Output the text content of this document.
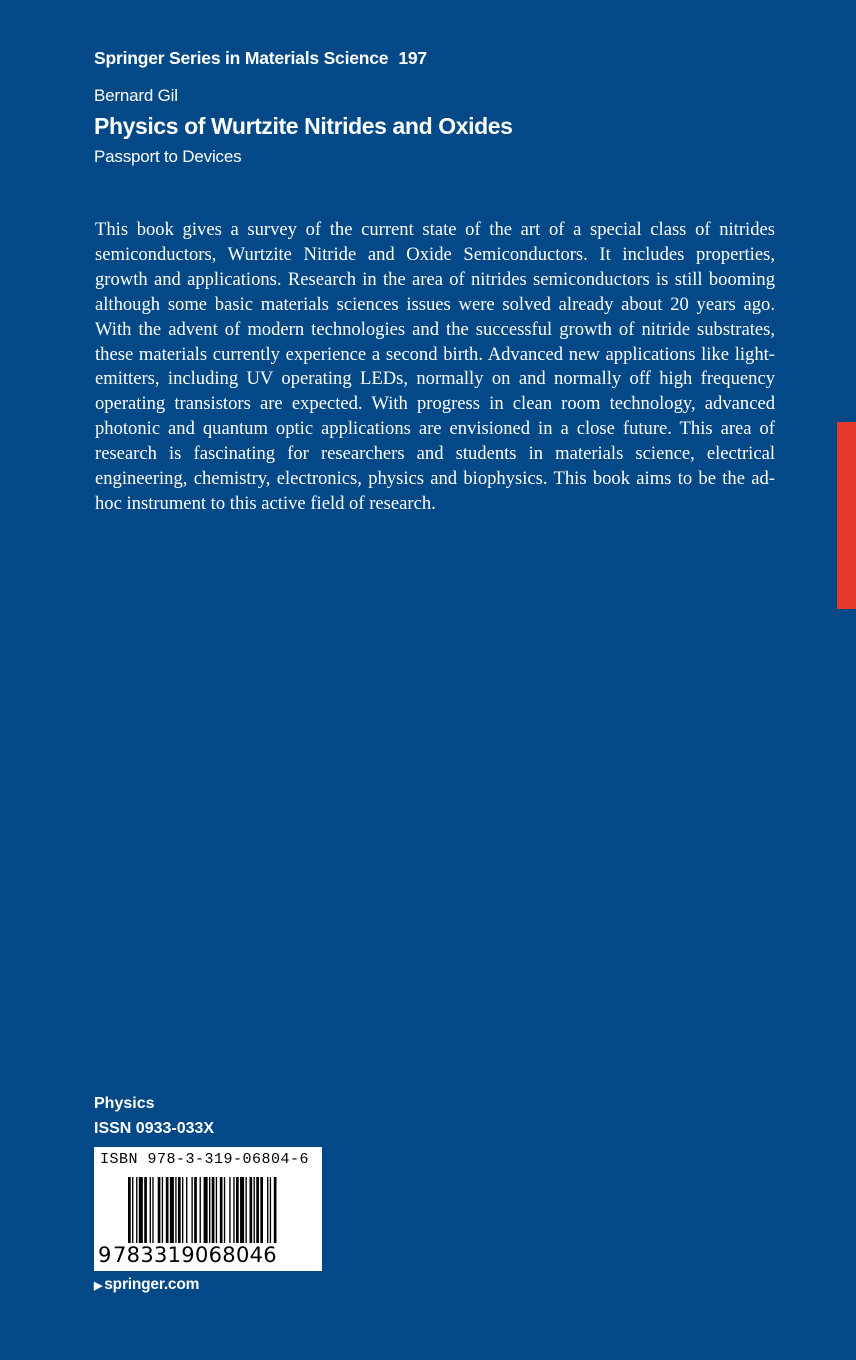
Springer Series in Materials Science 197
Bernard Gil
Physics of Wurtzite Nitrides and Oxides
Passport to Devices

This book gives a survey of the current state of the art of a special class of nitrides semiconductors, Wurtzite Nitride and Oxide Semiconductors. It includes properties, growth and applications. Research in the area of nitrides semiconductors is still booming although some basic materials sciences issues were solved already about 20 years ago. With the advent of modern technologies and the successful growth of nitride substrates, these materials currently experience a second birth. Advanced new applications like light-emitters, including UV operating LEDs, normally on and normally off high frequency operating transistors are expected. With progress in clean room technology, advanced photonic and quantum optic applications are envisioned in a close future. This area of research is fascinating for researchers and students in materials science, electrical engineering, chemistry, electronics, physics and biophysics. This book aims to be the ad-hoc instrument to this active field of research.

Physics
ISSN 0933-033X
ISBN 978-3-319-06804-6
9 783319068046
▶ springer.com
